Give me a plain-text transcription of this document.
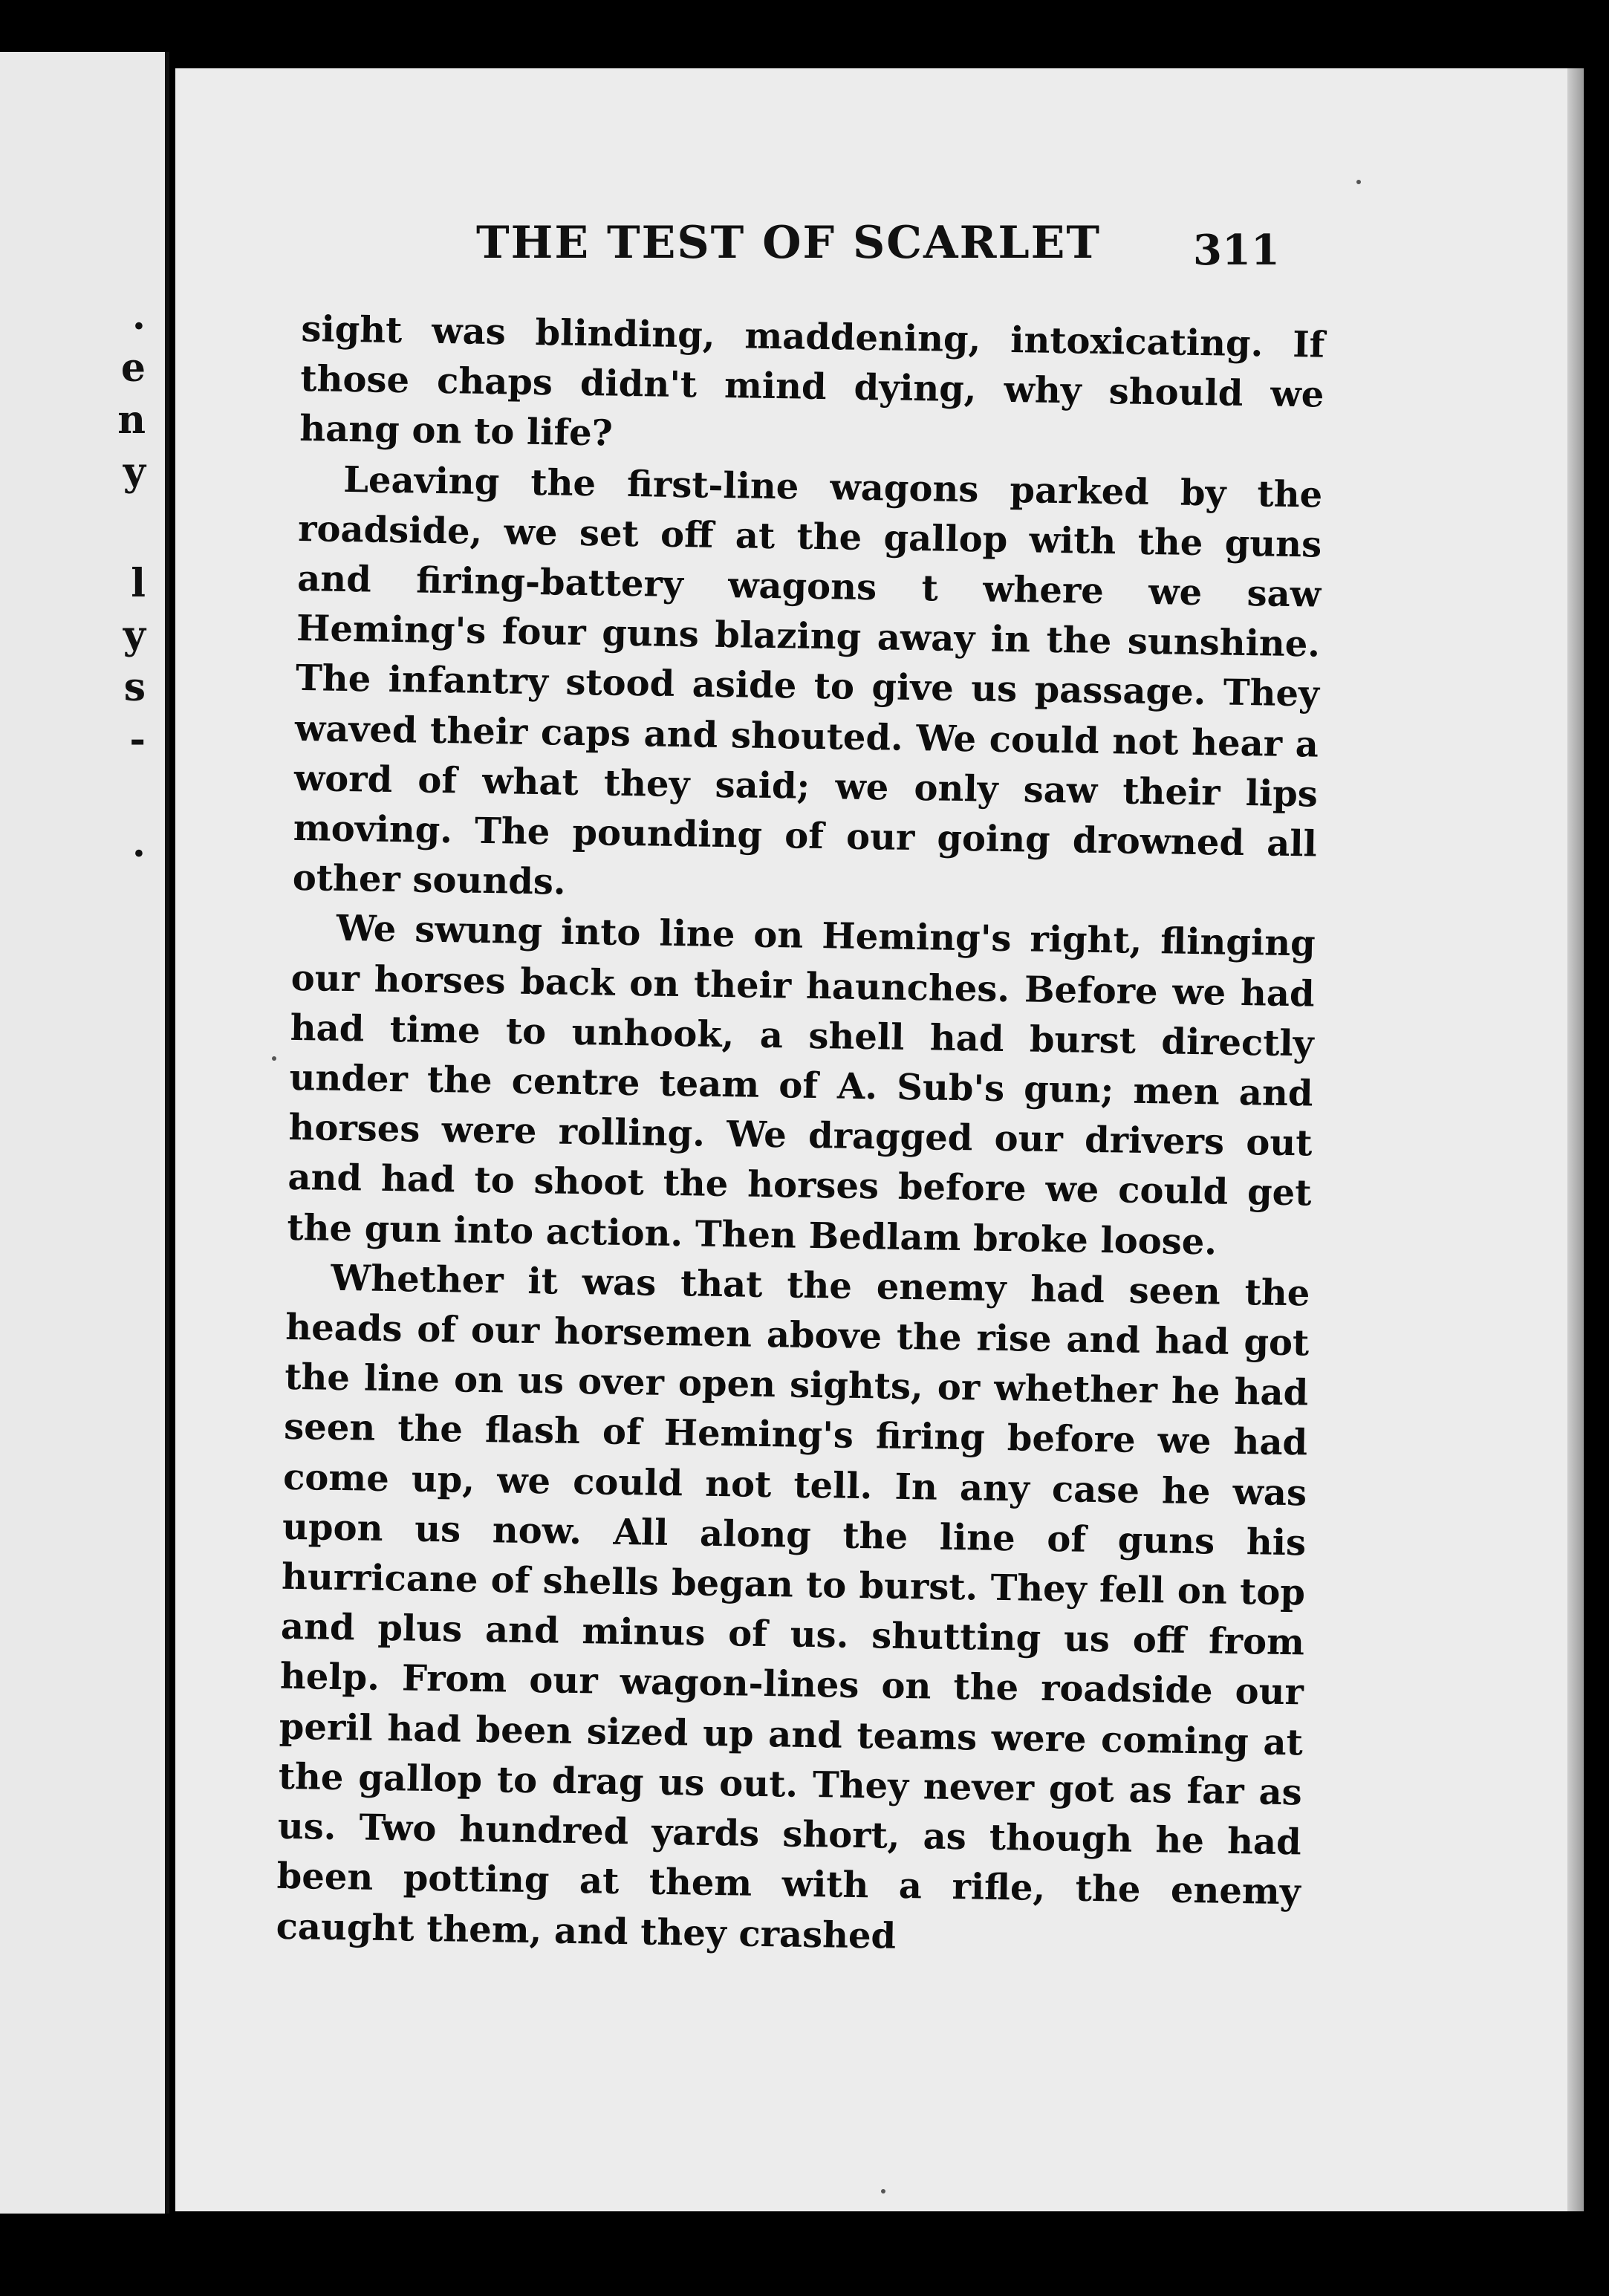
.
e
n
y
l
y
s
-
.
THE TEST OF SCARLET 311

sight was blinding, maddening, intoxicating. If those chaps didn't mind dying, why should we hang on to life?

Leaving the first-line wagons parked by the roadside, we set off at the gallop with the guns and firing-battery wagons t where we saw Heming's four guns blazing away in the sunshine. The infantry stood aside to give us passage. They waved their caps and shouted. We could not hear a word of what they said; we only saw their lips moving. The pounding of our going drowned all other sounds.

We swung into line on Heming's right, flinging our horses back on their haunches. Before we had had time to unhook, a shell had burst directly under the centre team of A. Sub's gun; men and horses were rolling. We dragged our drivers out and had to shoot the horses before we could get the gun into action. Then Bedlam broke loose.

Whether it was that the enemy had seen the heads of our horsemen above the rise and had got the line on us over open sights, or whether he had seen the flash of Heming's firing before we had come up, we could not tell. In any case he was upon us now. All along the line of guns his hurricane of shells began to burst. They fell on top and plus and minus of us. shutting us off from help. From our wagon-lines on the roadside our peril had been sized up and teams were coming at the gallop to drag us out. They never got as far as us. Two hundred yards short, as though he had been potting at them with a rifle, the enemy caught them, and they crashed
